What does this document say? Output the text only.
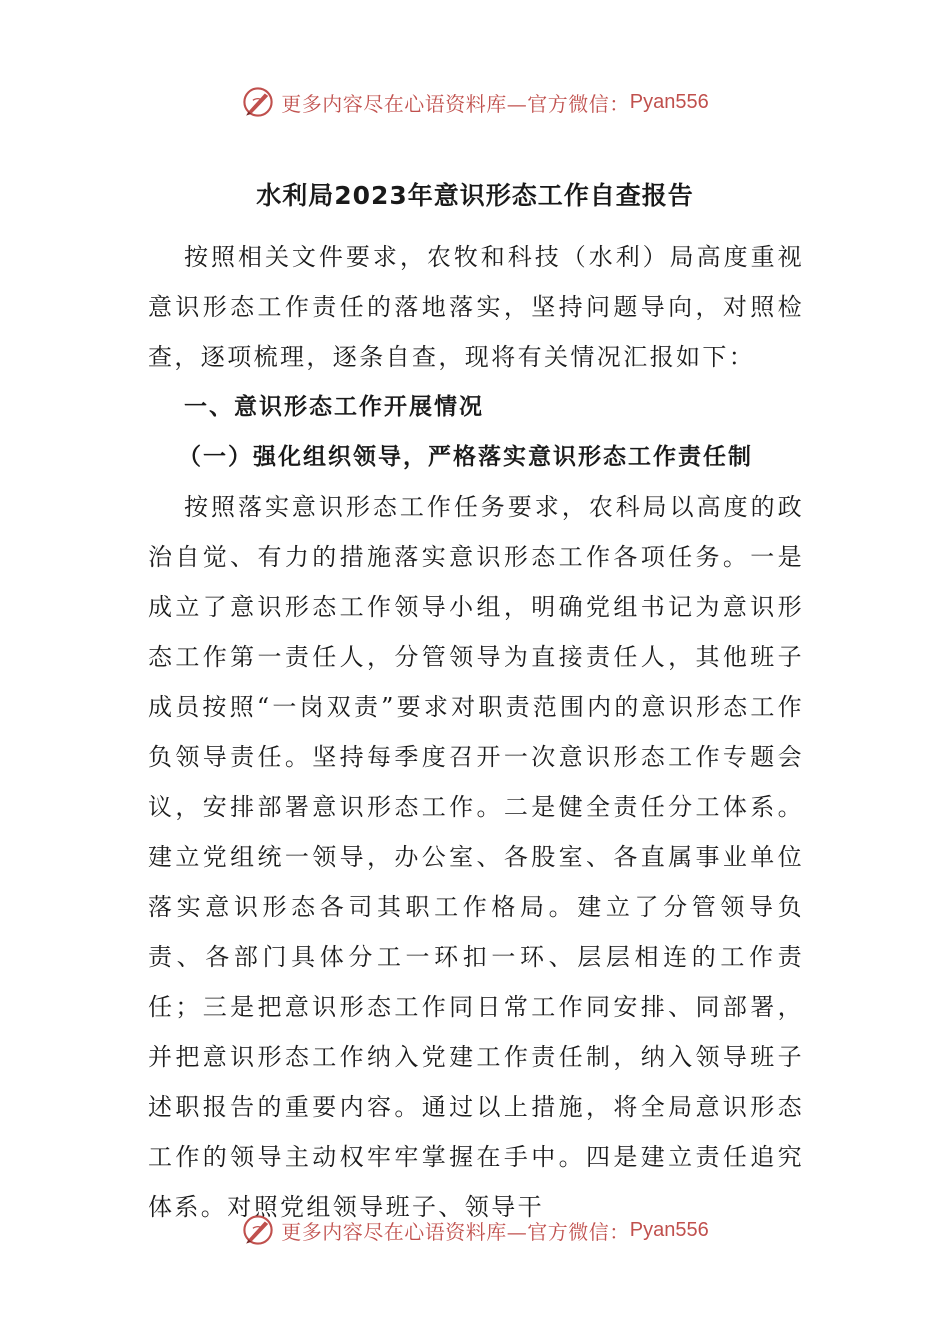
更多内容尽在心语资料库—官方微信： Pyan556
水利局2023年意识形态工作自查报告

按照相关文件要求，农牧和科技（水利）局高度重视意识形态工作责任的落地落实，坚持问题导向，对照检查，逐项梳理，逐条自查，现将有关情况汇报如下：

一、意识形态工作开展情况

（一）强化组织领导，严格落实意识形态工作责任制

按照落实意识形态工作任务要求，农科局以高度的政治自觉、有力的措施落实意识形态工作各项任务。一是成立了意识形态工作领导小组，明确党组书记为意识形态工作第一责任人，分管领导为直接责任人，其他班子成员按照“一岗双责”要求对职责范围内的意识形态工作负领导责任。坚持每季度召开一次意识形态工作专题会议，安排部署意识形态工作。二是健全责任分工体系。建立党组统一领导，办公室、各股室、各直属事业单位落实意识形态各司其职工作格局。建立了分管领导负责、各部门具体分工一环扣一环、层层相连的工作责任；三是把意识形态工作同日常工作同安排、同部署，并把意识形态工作纳入党建工作责任制，纳入领导班子述职报告的重要内容。通过以上措施，将全局意识形态工作的领导主动权牢牢掌握在手中。四是建立责任追究体系。对照党组领导班子、领导干

更多内容尽在心语资料库—官方微信： Pyan556
